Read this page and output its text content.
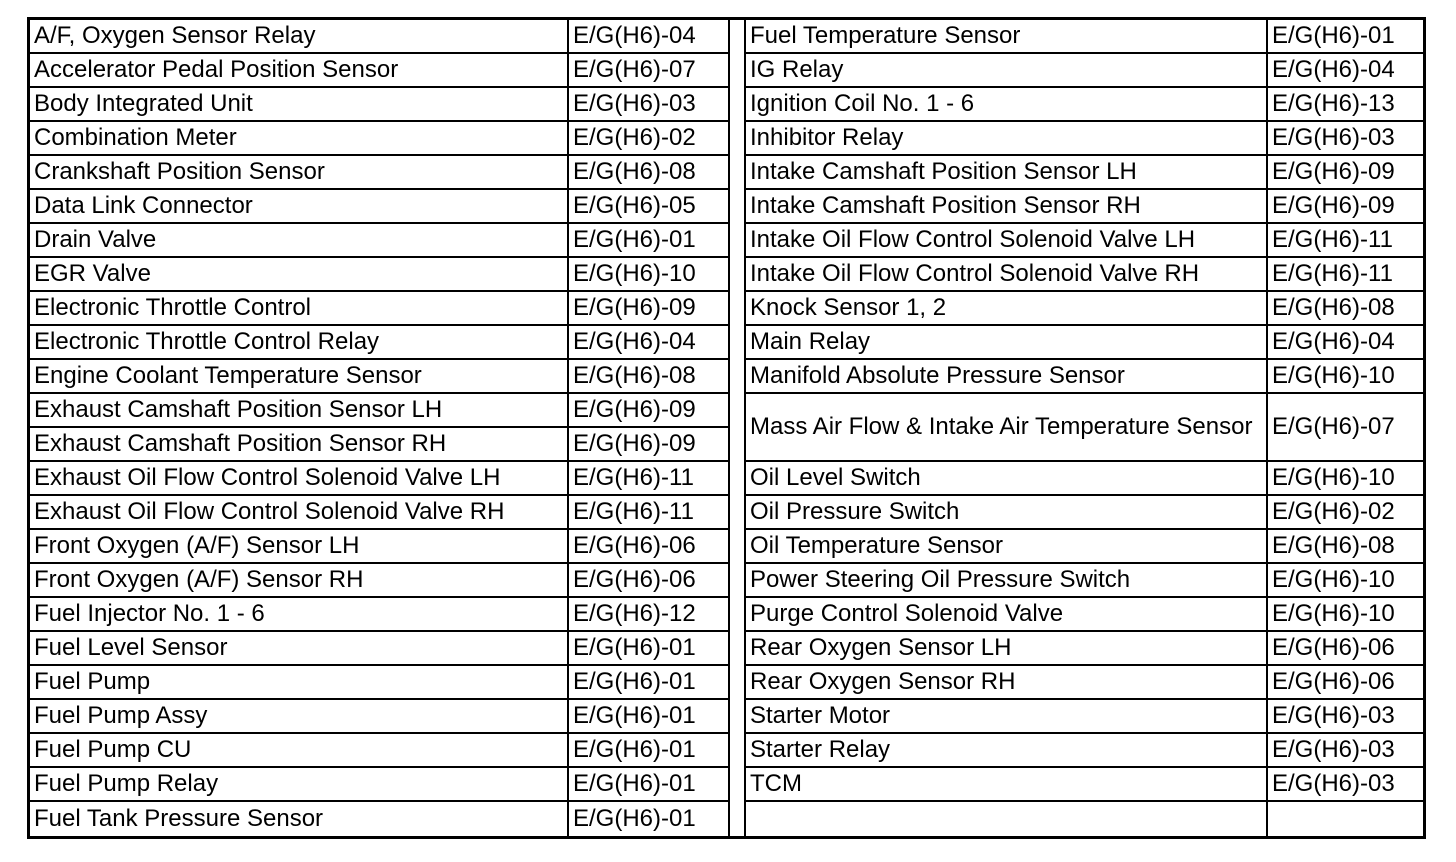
A/F, Oxygen Sensor Relay	E/G(H6)-04
Accelerator Pedal Position Sensor	E/G(H6)-07
Body Integrated Unit	E/G(H6)-03
Combination Meter	E/G(H6)-02
Crankshaft Position Sensor	E/G(H6)-08
Data Link Connector	E/G(H6)-05
Drain Valve	E/G(H6)-01
EGR Valve	E/G(H6)-10
Electronic Throttle Control	E/G(H6)-09
Electronic Throttle Control Relay	E/G(H6)-04
Engine Coolant Temperature Sensor	E/G(H6)-08
Exhaust Camshaft Position Sensor LH	E/G(H6)-09
Exhaust Camshaft Position Sensor RH	E/G(H6)-09
Exhaust Oil Flow Control Solenoid Valve LH	E/G(H6)-11
Exhaust Oil Flow Control Solenoid Valve RH	E/G(H6)-11
Front Oxygen (A/F) Sensor LH	E/G(H6)-06
Front Oxygen (A/F) Sensor RH	E/G(H6)-06
Fuel Injector No. 1 - 6	E/G(H6)-12
Fuel Level Sensor	E/G(H6)-01
Fuel Pump	E/G(H6)-01
Fuel Pump Assy	E/G(H6)-01
Fuel Pump CU	E/G(H6)-01
Fuel Pump Relay	E/G(H6)-01
Fuel Tank Pressure Sensor	E/G(H6)-01
Fuel Temperature Sensor	E/G(H6)-01
IG Relay	E/G(H6)-04
Ignition Coil No. 1 - 6	E/G(H6)-13
Inhibitor Relay	E/G(H6)-03
Intake Camshaft Position Sensor LH	E/G(H6)-09
Intake Camshaft Position Sensor RH	E/G(H6)-09
Intake Oil Flow Control Solenoid Valve LH	E/G(H6)-11
Intake Oil Flow Control Solenoid Valve RH	E/G(H6)-11
Knock Sensor 1, 2	E/G(H6)-08
Main Relay	E/G(H6)-04
Manifold Absolute Pressure Sensor	E/G(H6)-10
Mass Air Flow & Intake Air Temperature Sensor E/G(H6)-07
Oil Level Switch	E/G(H6)-10
Oil Pressure Switch	E/G(H6)-02
Oil Temperature Sensor	E/G(H6)-08
Power Steering Oil Pressure Switch	E/G(H6)-10
Purge Control Solenoid Valve	E/G(H6)-10
Rear Oxygen Sensor LH	E/G(H6)-06
Rear Oxygen Sensor RH	E/G(H6)-06
Starter Motor	E/G(H6)-03
Starter Relay	E/G(H6)-03
TCM	E/G(H6)-03
